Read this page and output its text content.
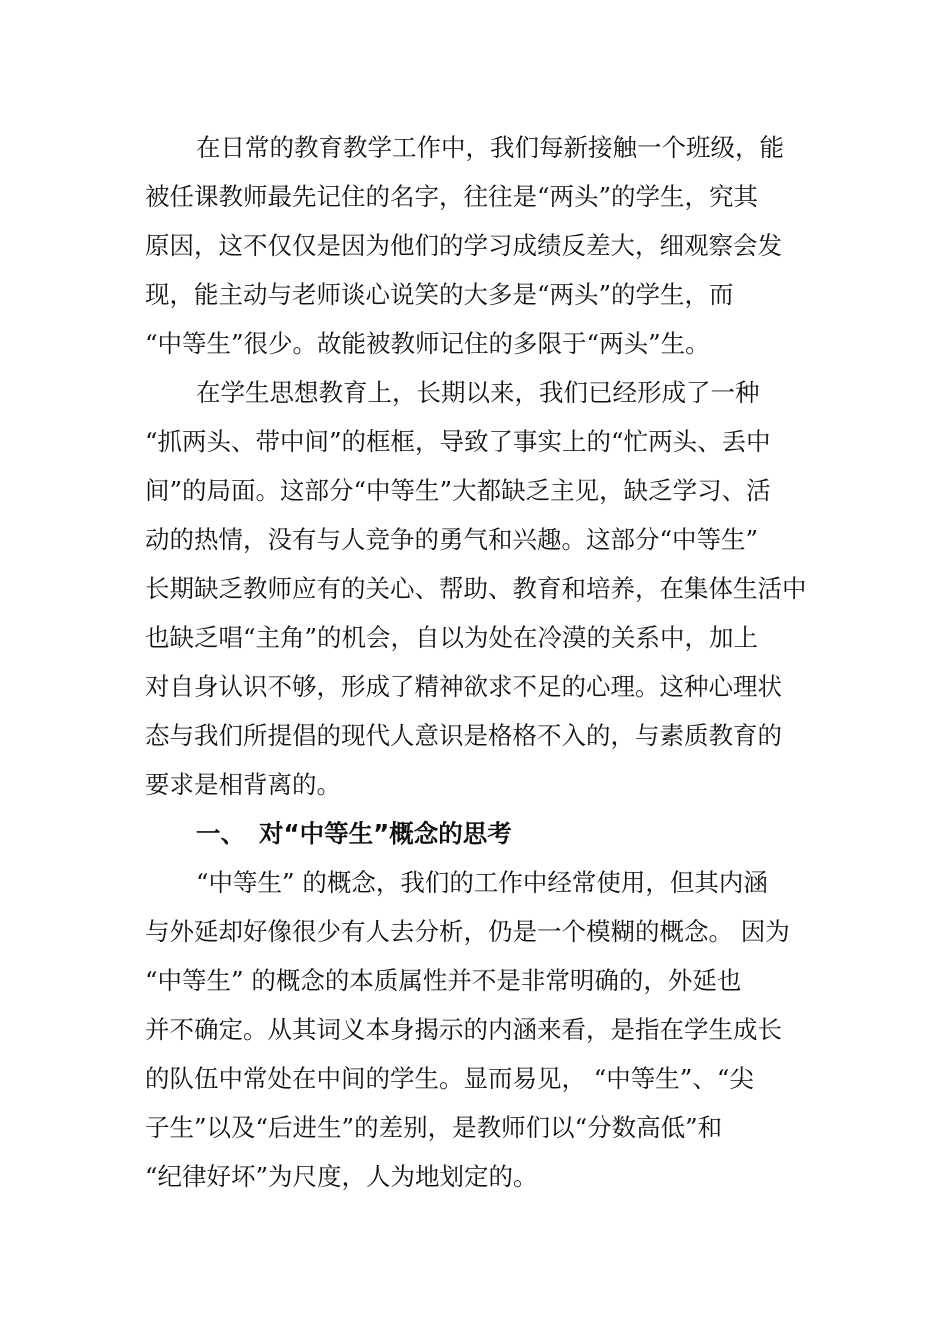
在日常的教育教学工作中，我们每新接触一个班级，能
被任课教师最先记住的名字，往往是“两头”的学生，究其
原因，这不仅仅是因为他们的学习成绩反差大，细观察会发
现，能主动与老师谈心说笑的大多是“两头”的学生，而
“中等生”很少。故能被教师记住的多限于“两头”生。

在学生思想教育上，长期以来，我们已经形成了一种
“抓两头、带中间”的框框，导致了事实上的“忙两头、丢中
间”的局面。这部分“中等生”大都缺乏主见，缺乏学习、活
动的热情，没有与人竞争的勇气和兴趣。这部分“中等生”
长期缺乏教师应有的关心、帮助、教育和培养，在集体生活中
也缺乏唱“主角”的机会，自以为处在冷漠的关系中，加上
对自身认识不够，形成了精神欲求不足的心理。这种心理状
态与我们所提倡的现代人意识是格格不入的，与素质教育的
要求是相背离的。

一、 对“中等生”概念的思考

“中等生” 的概念，我们的工作中经常使用，但其内涵
与外延却好像很少有人去分析，仍是一个模糊的概念。 因为
“中等生” 的概念的本质属性并不是非常明确的，外延也
并不确定。从其词义本身揭示的内涵来看，是指在学生成长
的队伍中常处在中间的学生。显而易见， “中等生”、“尖
子生”以及“后进生”的差别，是教师们以“分数高低”和
“纪律好坏”为尺度，人为地划定的。
